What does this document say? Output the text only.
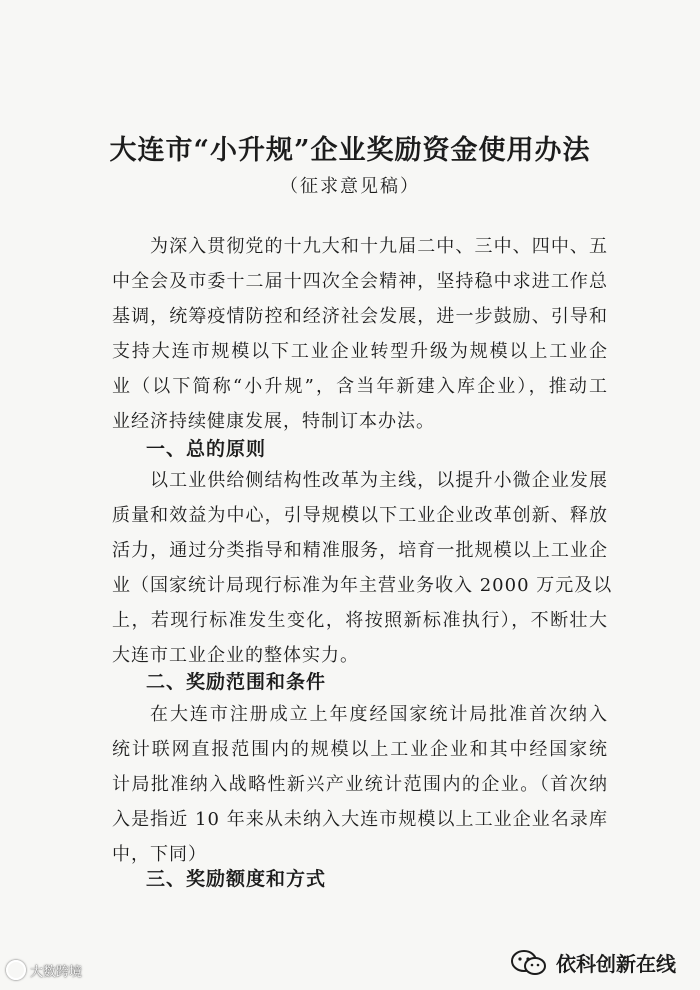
大连市“小升规”企业奖励资金使用办法
（征求意见稿）
为深入贯彻党的十九大和十九届二中、三中、四中、五
中全会及市委十二届十四次全会精神，坚持稳中求进工作总
基调，统筹疫情防控和经济社会发展，进一步鼓励、引导和
支持大连市规模以下工业企业转型升级为规模以上工业企
业（以下简称“小升规”，含当年新建入库企业），推动工
业经济持续健康发展，特制订本办法。
一、总的原则
以工业供给侧结构性改革为主线，以提升小微企业发展
质量和效益为中心，引导规模以下工业企业改革创新、释放
活力，通过分类指导和精准服务，培育一批规模以上工业企
业（国家统计局现行标准为年主营业务收入 2000 万元及以
上，若现行标准发生变化，将按照新标准执行），不断壮大
大连市工业企业的整体实力。
二、奖励范围和条件
在大连市注册成立上年度经国家统计局批准首次纳入
统计联网直报范围内的规模以上工业企业和其中经国家统
计局批准纳入战略性新兴产业统计范围内的企业。（首次纳
入是指近 10 年来从未纳入大连市规模以上工业企业名录库
中，下同）
三、奖励额度和方式
大数跨境	依科创新在线
